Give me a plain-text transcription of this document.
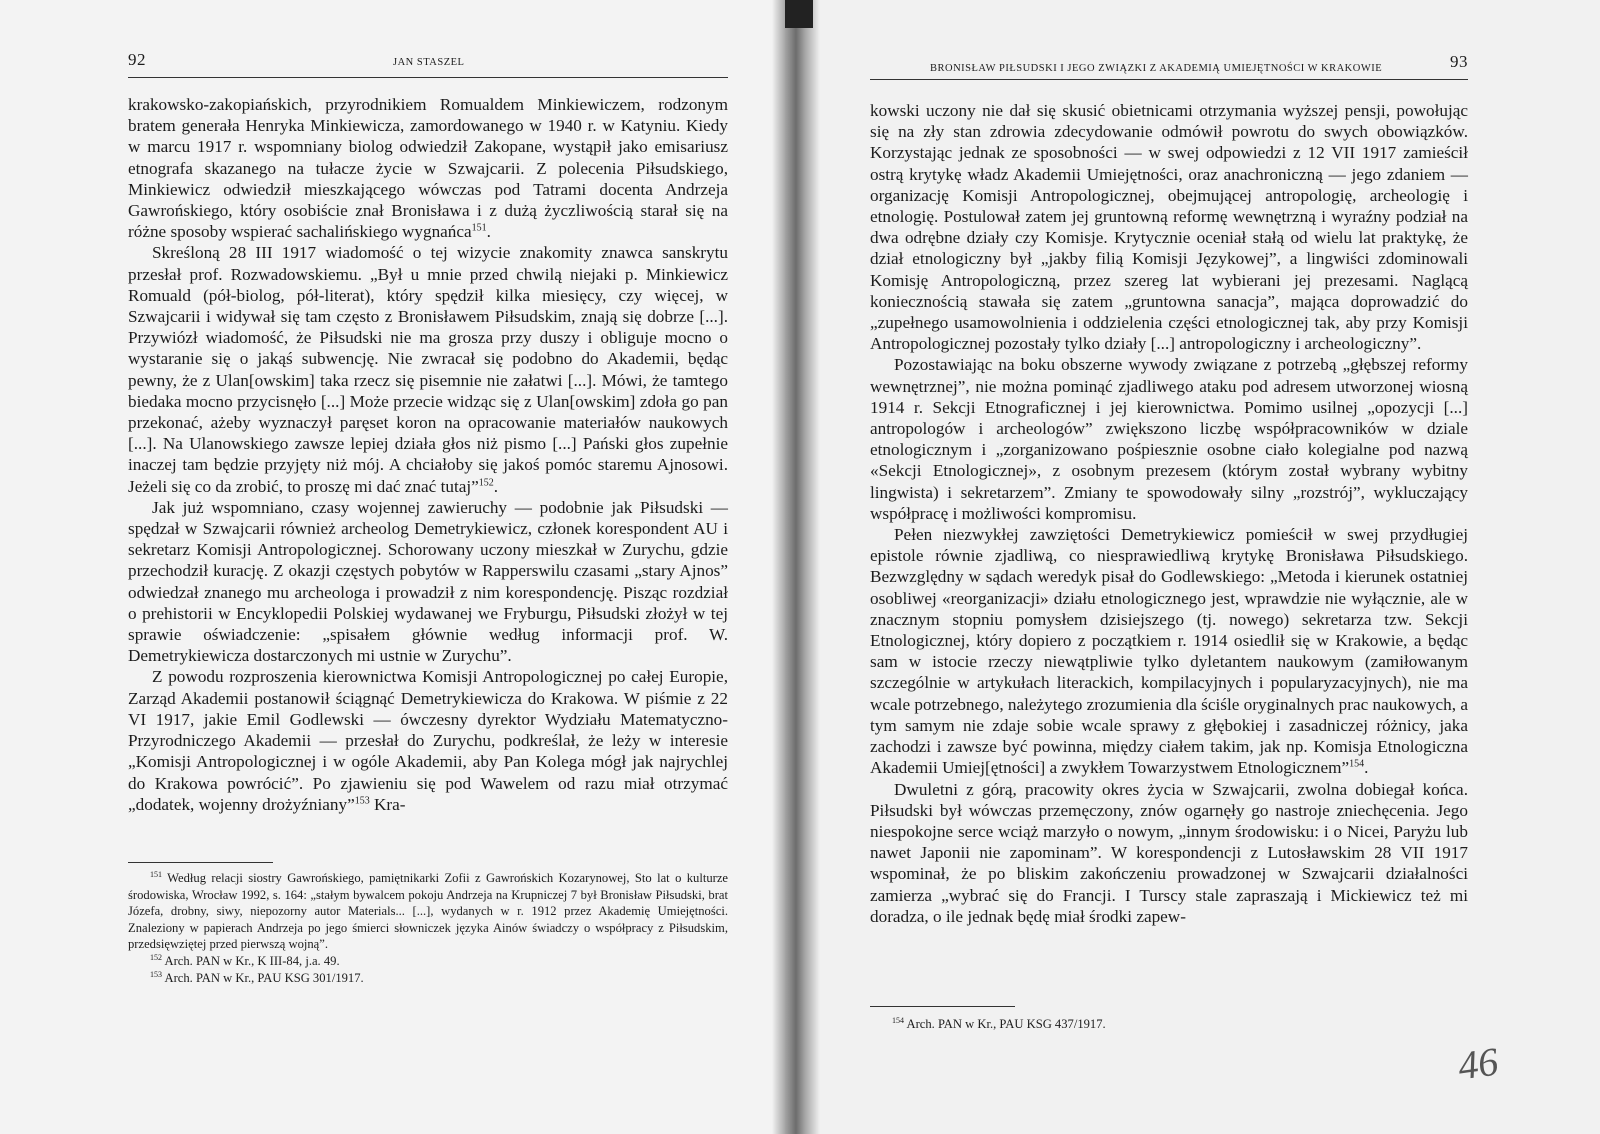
92	JAN STASZEL

krakowsko-zakopiańskich, przyrodnikiem Romualdem Minkiewiczem, rodzonym bratem generała Henryka Minkiewicza, zamordowanego w 1940 r. w Katyniu. Kiedy w marcu 1917 r. wspomniany biolog odwiedził Zakopane, wystąpił jako emisariusz etnografa skazanego na tułacze życie w Szwajcarii. Z polecenia Piłsudskiego, Minkiewicz odwiedził mieszkającego wówczas pod Tatrami docenta Andrzeja Gawrońskiego, który osobiście znał Bronisława i z dużą życzliwością starał się na różne sposoby wspierać sachalińskiego wygnańca$^{151}$.

Skreśloną 28 III 1917 wiadomość o tej wizycie znakomity znawca sanskrytu przesłał prof. Rozwadowskiemu. „Był u mnie przed chwilą niejaki p. Minkiewicz Romuald (pół-biolog, pół-literat), który spędził kilka miesięcy, czy więcej, w Szwajcarii i widywał się tam często z Bronisławem Piłsudskim, znają się dobrze [...]. Przywiózł wiadomość, że Piłsudski nie ma grosza przy duszy i obliguje mocno o wystaranie się o jakąś subwencję. Nie zwracał się podobno do Akademii, będąc pewny, że z Ulan[owskim] taka rzecz się pisemnie nie załatwi [...]. Mówi, że tamtego biedaka mocno przycisnęło [...] Może przecie widząc się z Ulan[owskim] zdoła go pan przekonać, ażeby wyznaczył paręset koron na opracowanie materiałów naukowych [...]. Na Ulanowskiego zawsze lepiej działa głos niż pismo [...] Pański głos zupełnie inaczej tam będzie przyjęty niż mój. A chciałoby się jakoś pomóc staremu Ajnosowi. Jeżeli się co da zrobić, to proszę mi dać znać tutaj”$^{152}$.

Jak już wspomniano, czasy wojennej zawieruchy — podobnie jak Piłsudski — spędzał w Szwajcarii również archeolog Demetrykiewicz, członek korespondent AU i sekretarz Komisji Antropologicznej. Schorowany uczony mieszkał w Zurychu, gdzie przechodził kurację. Z okazji częstych pobytów w Rapperswilu czasami „stary Ajnos” odwiedzał znanego mu archeologa i prowadził z nim korespondencję. Pisząc rozdział o prehistorii w Encyklopedii Polskiej wydawanej we Fryburgu, Piłsudski złożył w tej sprawie oświadczenie: „spisałem głównie według informacji prof. W. Demetrykiewicza dostarczonych mi ustnie w Zurychu”.

Z powodu rozproszenia kierownictwa Komisji Antropologicznej po całej Europie, Zarząd Akademii postanowił ściągnąć Demetrykiewicza do Krakowa. W piśmie z 22 VI 1917, jakie Emil Godlewski — ówczesny dyrektor Wydziału Matematyczno-Przyrodniczego Akademii — przesłał do Zurychu, podkreślał, że leży w interesie „Komisji Antropologicznej i w ogóle Akademii, aby Pan Kolega mógł jak najrychlej do Krakowa powrócić”. Po zjawieniu się pod Wawelem od razu miał otrzymać „dodatek, wojenny drożyźniany”$^{153}$ Kra-

$^{151}$ Według relacji siostry Gawrońskiego, pamiętnikarki Zofii z Gawrońskich Kozarynowej, Sto lat o kulturze środowiska, Wrocław 1992, s. 164: „stałym bywalcem pokoju Andrzeja na Krupniczej 7 był Bronisław Piłsudski, brat Józefa, drobny, siwy, niepozorny autor Materials... [...], wydanych w r. 1912 przez Akademię Umiejętności. Znaleziony w papierach Andrzeja po jego śmierci słowniczek języka Ainów świadczy o współpracy z Piłsudskim, przedsięwziętej przed pierwszą wojną”.

$^{152}$ Arch. PAN w Kr., K III-84, j.a. 49.

$^{153}$ Arch. PAN w Kr., PAU KSG 301/1917.

BRONISŁAW PIŁSUDSKI I JEGO ZWIĄZKI Z AKADEMIĄ UMIEJĘTNOŚCI W KRAKOWIE	93

kowski uczony nie dał się skusić obietnicami otrzymania wyższej pensji, powołując się na zły stan zdrowia zdecydowanie odmówił powrotu do swych obowiązków. Korzystając jednak ze sposobności — w swej odpowiedzi z 12 VII 1917 zamieścił ostrą krytykę władz Akademii Umiejętności, oraz anachroniczną — jego zdaniem — organizację Komisji Antropologicznej, obejmującej antropologię, archeologię i etnologię. Postulował zatem jej gruntowną reformę wewnętrzną i wyraźny podział na dwa odrębne działy czy Komisje. Krytycznie oceniał stałą od wielu lat praktykę, że dział etnologiczny był „jakby filią Komisji Językowej”, a lingwiści zdominowali Komisję Antropologiczną, przez szereg lat wybierani jej prezesami. Naglącą koniecznością stawała się zatem „gruntowna sanacja”, mająca doprowadzić do „zupełnego usamowolnienia i oddzielenia części etnologicznej tak, aby przy Komisji Antropologicznej pozostały tylko działy [...] antropologiczny i archeologiczny”.

Pozostawiając na boku obszerne wywody związane z potrzebą „głębszej reformy wewnętrznej”, nie można pominąć zjadliwego ataku pod adresem utworzonej wiosną 1914 r. Sekcji Etnograficznej i jej kierownictwa. Pomimo usilnej „opozycji [...] antropologów i archeologów” zwiększono liczbę współpracowników w dziale etnologicznym i „zorganizowano pośpiesznie osobne ciało kolegialne pod nazwą «Sekcji Etnologicznej», z osobnym prezesem (którym został wybrany wybitny lingwista) i sekretarzem”. Zmiany te spowodowały silny „rozstrój”, wykluczający współpracę i możliwości kompromisu.

Pełen niezwykłej zawziętości Demetrykiewicz pomieścił w swej przydługiej epistole równie zjadliwą, co niesprawiedliwą krytykę Bronisława Piłsudskiego. Bezwzględny w sądach weredyk pisał do Godlewskiego: „Metoda i kierunek ostatniej osobliwej «reorganizacji» działu etnologicznego jest, wprawdzie nie wyłącznie, ale w znacznym stopniu pomysłem dzisiejszego (tj. nowego) sekretarza tzw. Sekcji Etnologicznej, który dopiero z początkiem r. 1914 osiedlił się w Krakowie, a będąc sam w istocie rzeczy niewątpliwie tylko dyletantem naukowym (zamiłowanym szczególnie w artykułach literackich, kompilacyjnych i popularyzacyjnych), nie ma wcale potrzebnego, należytego zrozumienia dla ściśle oryginalnych prac naukowych, a tym samym nie zdaje sobie wcale sprawy z głębokiej i zasadniczej różnicy, jaka zachodzi i zawsze być powinna, między ciałem takim, jak np. Komisja Etnologiczna Akademii Umiej[ętności] a zwykłem Towarzystwem Etnologicznem”$^{154}$.

Dwuletni z górą, pracowity okres życia w Szwajcarii, zwolna dobiegał końca. Piłsudski był wówczas przemęczony, znów ogarnęły go nastroje zniechęcenia. Jego niespokojne serce wciąż marzyło o nowym, „innym środowisku: i o Nicei, Paryżu lub nawet Japonii nie zapominam”. W korespondencji z Lutosławskim 28 VII 1917 wspominał, że po bliskim zakończeniu prowadzonej w Szwajcarii działalności zamierza „wybrać się do Francji. I Turscy stale zapraszają i Mickiewicz też mi doradza, o ile jednak będę miał środki zapew-

$^{154}$ Arch. PAN w Kr., PAU KSG 437/1917.

46
